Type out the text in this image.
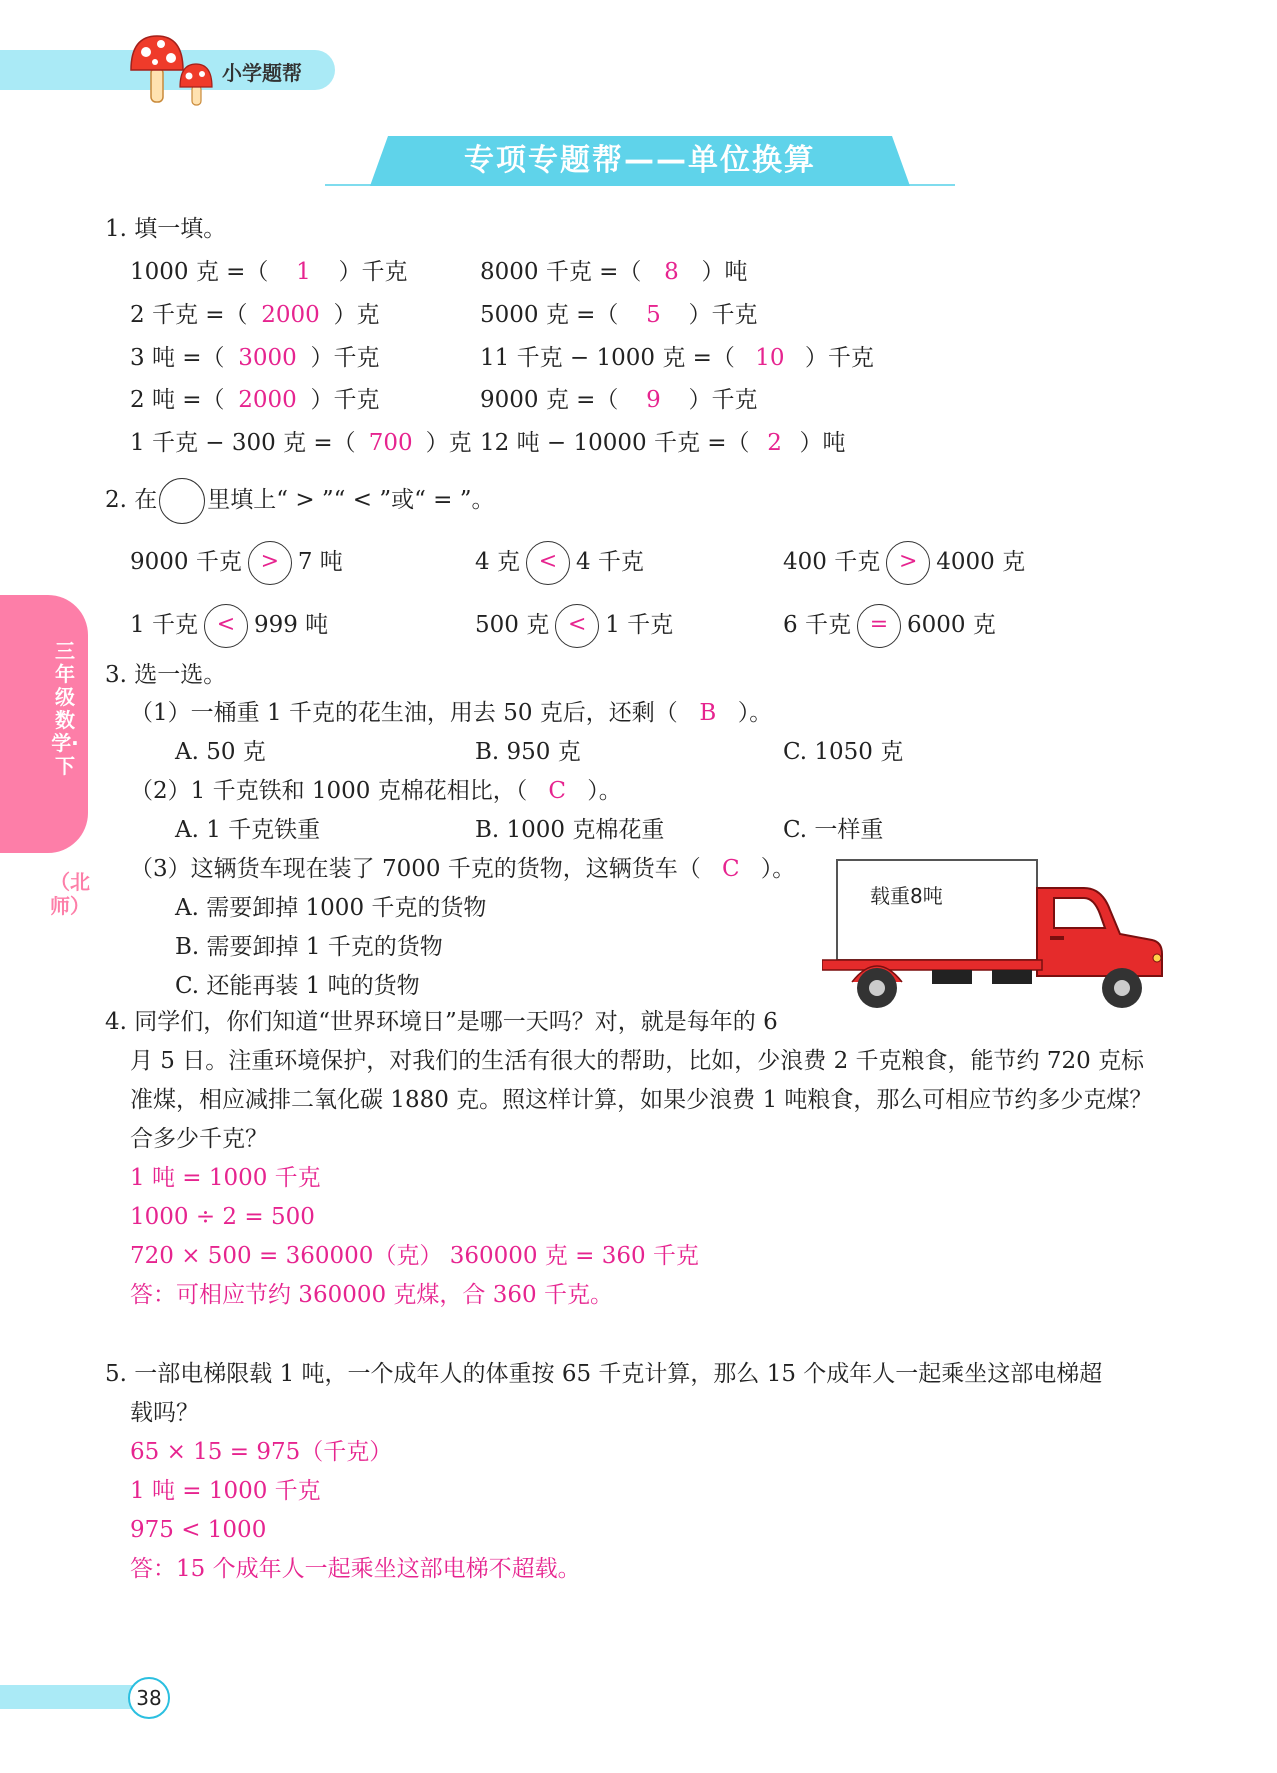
小学题帮
专项专题帮——单位换算
三年级数学·下
（北师）
1. 填一填。
1000 克 =（ 1 ）千克	8000 千克 =（ 8 ）吨
2 千克 =（ 2000 ）克	5000 克 =（ 5 ）千克
3 吨 =（ 3000 ）千克	11 千克 − 1000 克 =（ 10 ）千克
2 吨 =（ 2000 ）千克	9000 克 =（ 9 ）千克
1 千克 − 300 克 =（ 700 ）克 12 吨 − 10000 千克 =（ 2 ）吨
2. 在 里填上“ > ”“ < ”或“ = ”。
9000 千克 > 7 吨	4 克 < 4 千克	400 千克 > 4000 克
1 千克 < 999 吨	500 克 < 1 千克	6 千克 = 6000 克
3. 选一选。
（1）一桶重 1 千克的花生油，用去 50 克后，还剩（ B ）。
A. 50 克	B. 950 克	C. 1050 克
（2）1 千克铁和 1000 克棉花相比，（ C ）。
A. 1 千克铁重	B. 1000 克棉花重	C. 一样重
（3）这辆货车现在装了 7000 千克的货物，这辆货车（ C ）。
A. 需要卸掉 1000 千克的货物
B. 需要卸掉 1 千克的货物
C. 还能再装 1 吨的货物
载重8吨
4. 同学们，你们知道“世界环境日”是哪一天吗？对，就是每年的 6
月 5 日。注重环境保护，对我们的生活有很大的帮助，比如，少浪费 2 千克粮食，能节约 720 克标
准煤，相应减排二氧化碳 1880 克。照这样计算，如果少浪费 1 吨粮食，那么可相应节约多少克煤？
合多少千克？
1 吨 = 1000 千克
1000 ÷ 2 = 500
720 × 500 = 360000（克） 360000 克 = 360 千克
答：可相应节约 360000 克煤，合 360 千克。
5. 一部电梯限载 1 吨，一个成年人的体重按 65 千克计算，那么 15 个成年人一起乘坐这部电梯超
载吗？
65 × 15 = 975（千克）
1 吨 = 1000 千克
975 < 1000
答：15 个成年人一起乘坐这部电梯不超载。
38
